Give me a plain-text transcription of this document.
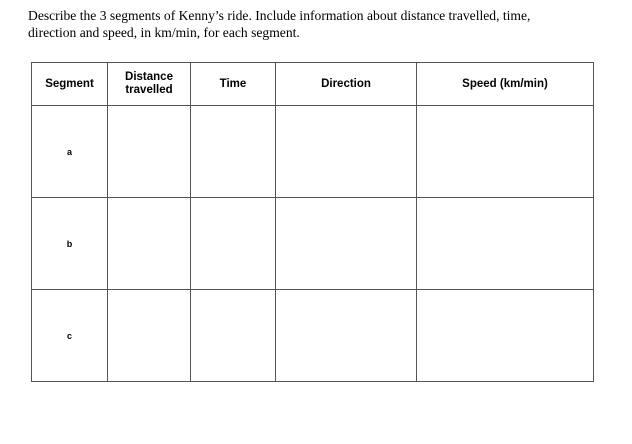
Describe the 3 segments of Kenny’s ride. Include information about distance travelled, time,
direction and speed, in km/min, for each segment.
Segment	Distance travelled	Time	Direction	Speed (km/min)
a				
b				
c				
